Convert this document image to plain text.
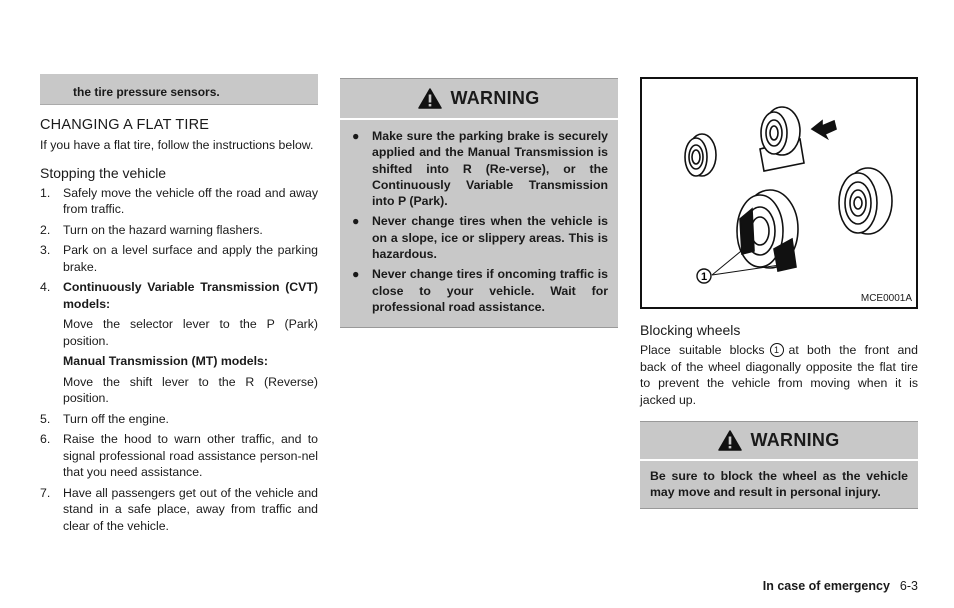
the tire pressure sensors.
CHANGING A FLAT TIRE

If you have a flat tire, follow the instructions below.

Stopping the vehicle
1. Safely move the vehicle off the road and away from traffic.
2. Turn on the hazard warning flashers.
3. Park on a level surface and apply the parking brake.
4. Continuously Variable Transmission (CVT) models:

Move the selector lever to the P (Park) position.

Manual Transmission (MT) models:

Move the shift lever to the R (Reverse) position.

5. Turn off the engine.
6. Raise the hood to warn other traffic, and to signal professional road assistance person-nel that you need assistance.
7. Have all passengers get out of the vehicle and stand in a safe place, away from traffic and clear of the vehicle.
WARNING
● Make sure the parking brake is securely applied and the Manual Transmission is shifted into R (Re-verse), or the Continuously Variable Transmission into P (Park).
● Never change tires when the vehicle is on a slope, ice or slippery areas. This is hazardous.
● Never change tires if oncoming traffic is close to your vehicle. Wait for professional road assistance.
1
MCE0001A
Blocking wheels

Place suitable blocks 1 at both the front and back of the wheel diagonally opposite the flat tire to prevent the vehicle from moving when it is jacked up.

WARNING

Be sure to block the wheel as the vehicle may move and result in personal injury.

In case of emergency 6-3
